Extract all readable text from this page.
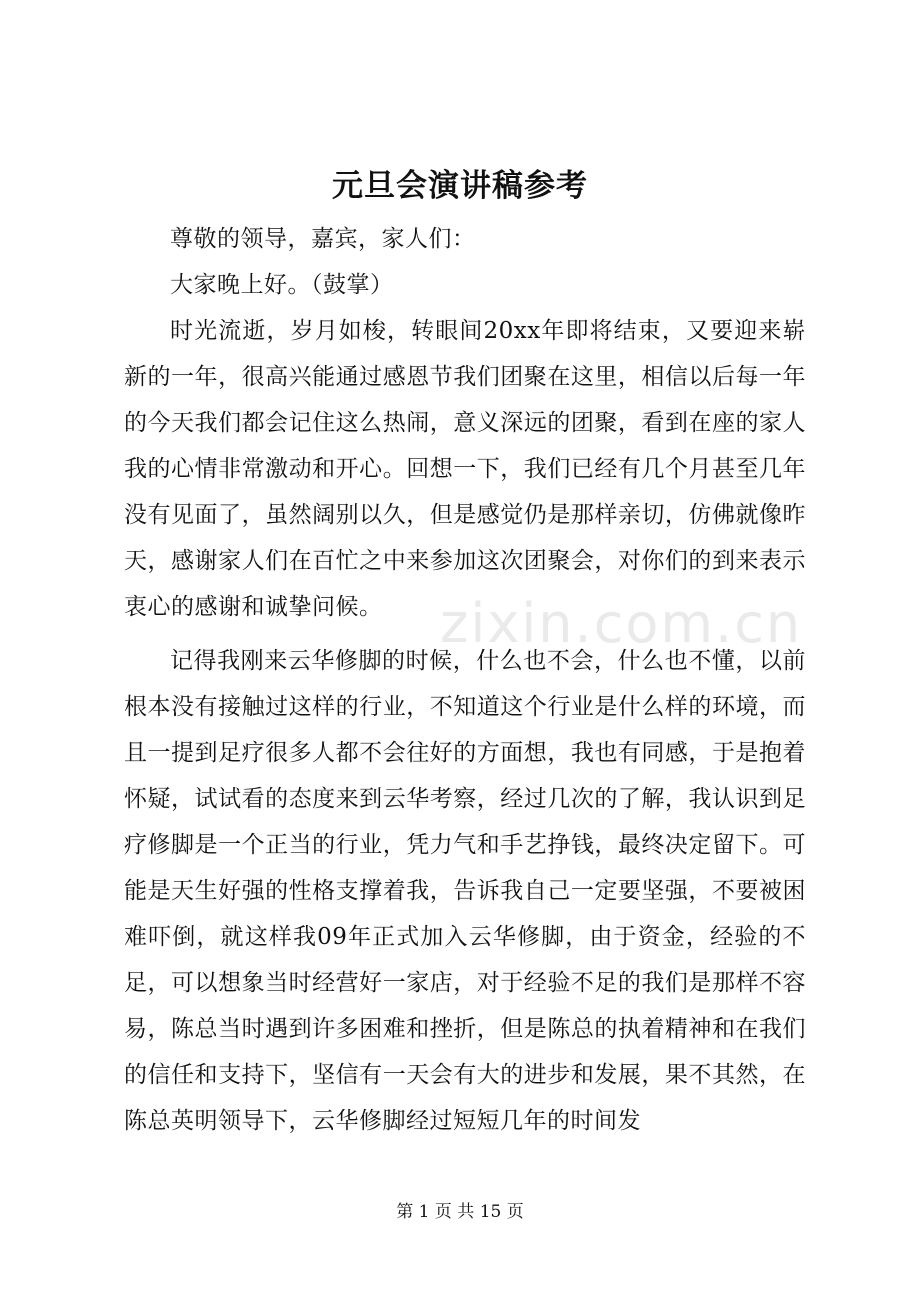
元旦会演讲稿参考

尊敬的领导，嘉宾，家人们：

大家晚上好。（鼓掌）

时光流逝，岁月如梭，转眼间20xx年即将结束，又要迎来崭新的一年，很高兴能通过感恩节我们团聚在这里，相信以后每一年的今天我们都会记住这么热闹，意义深远的团聚，看到在座的家人我的心情非常激动和开心。回想一下，我们已经有几个月甚至几年没有见面了，虽然阔别以久，但是感觉仍是那样亲切，仿佛就像昨天，感谢家人们在百忙之中来参加这次团聚会，对你们的到来表示衷心的感谢和诚挚问候。

记得我刚来云华修脚的时候，什么也不会，什么也不懂，以前根本没有接触过这样的行业，不知道这个行业是什么样的环境，而且一提到足疗很多人都不会往好的方面想，我也有同感，于是抱着怀疑，试试看的态度来到云华考察，经过几次的了解，我认识到足疗修脚是一个正当的行业，凭力气和手艺挣钱，最终决定留下。可能是天生好强的性格支撑着我，告诉我自己一定要坚强，不要被困难吓倒，就这样我09年正式加入云华修脚，由于资金，经验的不足，可以想象当时经营好一家店，对于经验不足的我们是那样不容易，陈总当时遇到许多困难和挫折，但是陈总的执着精神和在我们的信任和支持下，坚信有一天会有大的进步和发展，果不其然，在陈总英明领导下，云华修脚经过短短几年的时间发

zixin.com.cn
第 1 页 共 15 页
